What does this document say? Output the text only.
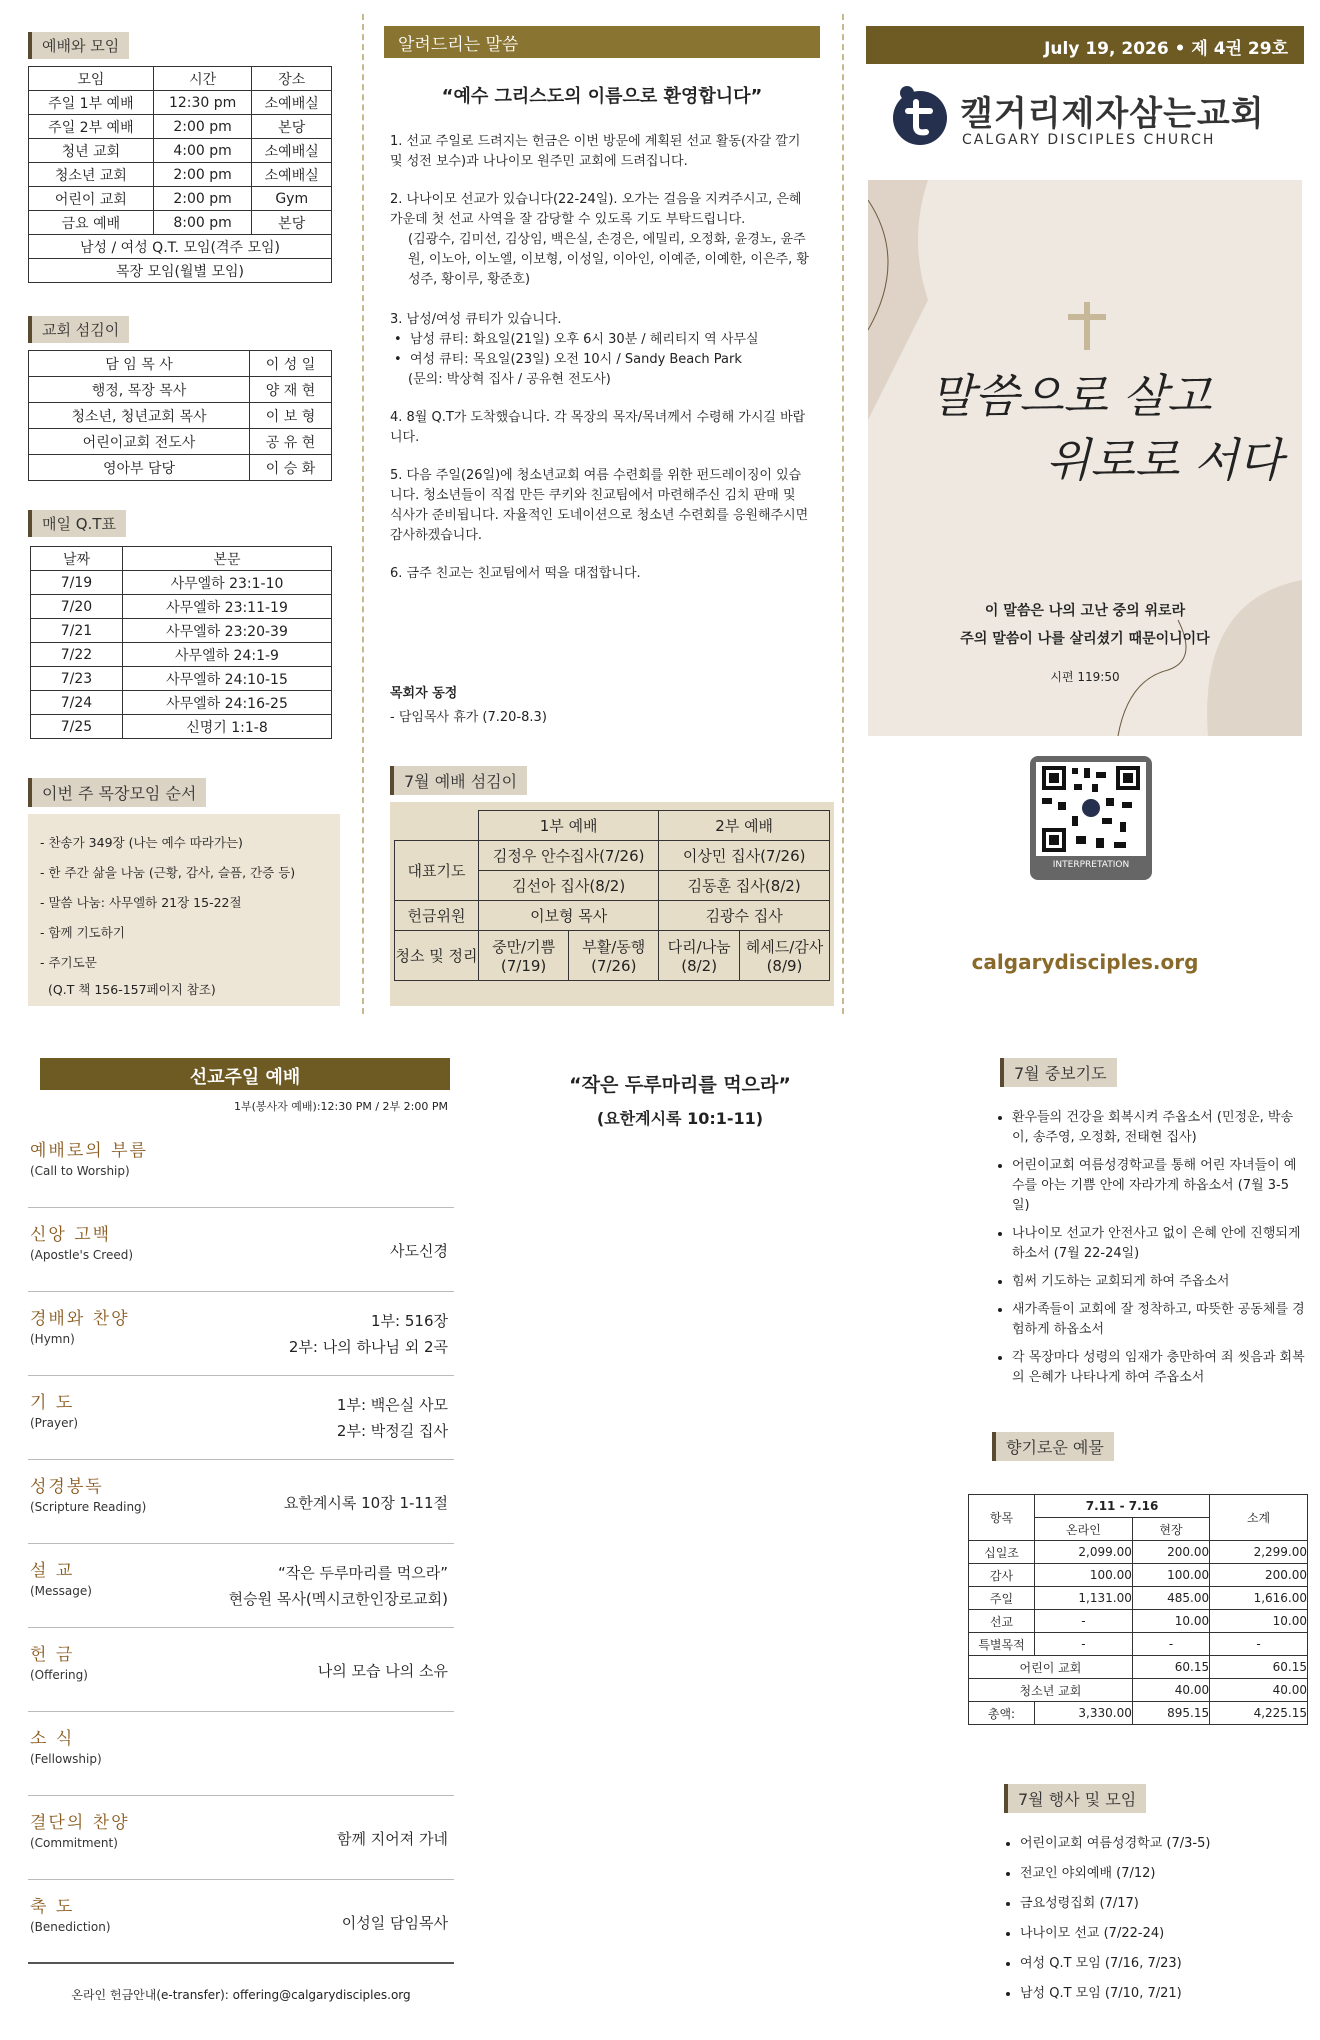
예배와 모임
모임	시간	장소
주일 1부 예배	12:30 pm	소예배실
주일 2부 예배	2:00 pm	본당
청년 교회	4:00 pm	소예배실
청소년 교회	2:00 pm	소예배실
어린이 교회	2:00 pm	Gym
금요 예배	8:00 pm	본당
남성 / 여성 Q.T. 모임(격주 모임)		
목장 모임(월별 모임)		
교회 섬김이
담 임 목 사	이 성 일
행정, 목장 목사	양 재 현
청소년, 청년교회 목사	이 보 형
어린이교회 전도사	공 유 현
영아부 담당	이 승 화
매일 Q.T표
날짜	본문
7/19	사무엘하 23:1-10
7/20	사무엘하 23:11-19
7/21	사무엘하 23:20-39
7/22	사무엘하 24:1-9
7/23	사무엘하 24:10-15
7/24	사무엘하 24:16-25
7/25	신명기 1:1-8
이번 주 목장모임 순서
- 찬송가 349장 (나는 예수 따라가는)
- 한 주간 삶을 나눔 (근황, 감사, 슬픔, 간증 등)
- 말씀 나눔: 사무엘하 21장 15-22절
- 함께 기도하기
- 주기도문
(Q.T 책 156-157페이지 참조)
알려드리는 말씀
“예수 그리스도의 이름으로 환영합니다”

1. 선교 주일로 드려지는 헌금은 이번 방문에 계획된 선교 활동(자갈 깔기 및 성전 보수)과 나나이모 원주민 교회에 드려집니다.

2. 나나이모 선교가 있습니다(22-24일). 오가는 걸음을 지켜주시고, 은혜 가운데 첫 선교 사역을 잘 감당할 수 있도록 기도 부탁드립니다.

(김광수, 김미선, 김상임, 백은실, 손경은, 에밀리, 오정화, 윤경노, 윤주원, 이노아, 이노엘, 이보형, 이성일, 이아인, 이예준, 이예한, 이은주, 황성주, 황이루, 황준호)

3. 남성/여성 큐티가 있습니다.

•  남성 큐티: 화요일(21일) 오후 6시 30분 / 헤리티지 역 사무실

•  여성 큐티: 목요일(23일) 오전 10시 / Sandy Beach Park

(문의: 박상혁 집사 / 공유현 전도사)

4. 8월 Q.T가 도착했습니다. 각 목장의 목자/목녀께서 수령해 가시길 바랍니다.

5. 다음 주일(26일)에 청소년교회 여름 수련회를 위한 펀드레이징이 있습니다. 청소년들이 직접 만든 쿠키와 친교팀에서 마련해주신 김치 판매 및 식사가 준비됩니다. 자율적인 도네이션으로 청소년 수련회를 응원해주시면 감사하겠습니다.

6. 금주 친교는 친교팀에서 떡을 대접합니다.

목회자 동정
- 담임목사 휴가 (7.20-8.3)
7월 예배 섬김이
	1부 예배		2부 예배	
대표기도	김정우 안수집사(7/26)		이상민 집사(7/26)	
	김선아 집사(8/2)		김동훈 집사(8/2)	
헌금위원	이보형 목사		김광수 집사	
청소 및 정리	중만/기쁨 (7/19)	부활/동행 (7/26)	다리/나눔 (8/2)	헤세드/감사 (8/9)
July 19, 2026 • 제 4권 29호
캘거리제자삼는교회
CALGARY DISCIPLES CHURCH
말씀으로 살고
위로로 서다
이 말씀은 나의 고난 중의 위로라
주의 말씀이 나를 살리셨기 때문이니이다
시편 119:50
INTERPRETATION
calgarydisciples.org
선교주일 예배
1부(봉사자 예배):12:30 PM / 2부 2:00 PM
예배로의 부름
(Call to Worship)
신앙 고백
(Apostle's Creed)	사도신경
경배와 찬양
(Hymn)
1부: 516장
2부: 나의 하나님 외 2곡
기 도
(Prayer)
1부: 백은실 사모
2부: 박정길 집사
성경봉독
(Scripture Reading)	요한계시록 10장 1-11절
설 교
(Message)
“작은 두루마리를 먹으라”
현승원 목사(멕시코한인장로교회)
헌 금
(Offering)	나의 모습 나의 소유
소 식
(Fellowship)
결단의 찬양
(Commitment)	함께 지어져 가네
축 도
(Benediction)	이성일 담임목사
온라인 헌금안내(e-transfer): offering@calgarydisciples.org
“작은 두루마리를 먹으라”
(요한계시록 10:1-11)
7월 중보기도
• 환우들의 건강을 회복시켜 주옵소서 (민정운, 박송이, 송주영, 오정화, 전태현 집사)
• 어린이교회 여름성경학교를 통해 어린 자녀들이 예수를 아는 기쁨 안에 자라가게 하옵소서 (7월 3-5일)
• 나나이모 선교가 안전사고 없이 은혜 안에 진행되게 하소서 (7월 22-24일)
• 힘써 기도하는 교회되게 하여 주옵소서
• 새가족들이 교회에 잘 정착하고, 따뜻한 공동체를 경험하게 하옵소서
• 각 목장마다 성령의 임재가 충만하여 죄 씻음과 회복의 은혜가 나타나게 하여 주옵소서
향기로운 예물
항목	7.11 - 7.16		소계
	온라인	현장	
십일조	2,099.00	200.00	2,299.00
감사	100.00	100.00	200.00
주일	1,131.00	485.00	1,616.00
선교	-	10.00	10.00
특별목적	-	-	-
어린이 교회		60.15	60.15
청소년 교회		40.00	40.00
총액:	3,330.00	895.15	4,225.15
7월 행사 및 모임
• 어린이교회 여름성경학교 (7/3-5)
• 전교인 야외예배 (7/12)
• 금요성령집회 (7/17)
• 나나이모 선교 (7/22-24)
• 여성 Q.T 모임 (7/16, 7/23)
• 남성 Q.T 모임 (7/10, 7/21)
